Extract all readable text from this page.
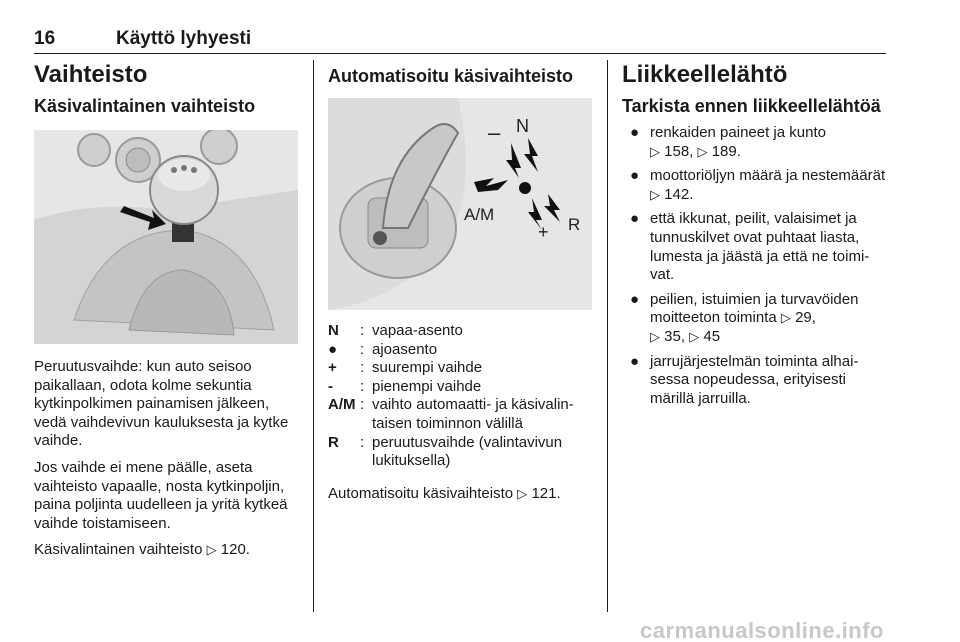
16	Käyttö lyhyesti
Vaihteisto
Käsivalintainen vaihteisto

Peruutusvaihde: kun auto seisoo paikallaan, odota kolme sekuntia kytkinpolkimen painamisen jälkeen, vedä vaihdevivun kauluksesta ja kytke vaihde.

Jos vaihde ei mene päälle, aseta vaihteisto vapaalle, nosta kytkinpoljin, paina poljinta uudelleen ja yritä kytkeä vaihde toistamiseen.

Käsivalintainen vaihteisto ▷ 120.

Automatisoitu käsivaihteisto
– N
A/M
+ R
N	: vapaa-asento
●	: ajoasento
+	: suurempi vaihde
-	: pienempi vaihde
A/M : vaihto automaatti- ja käsivalintaisen toiminnon välillä
R	: peruutusvaihde (valintavivun lukituksella)

Automatisoitu käsivaihteisto ▷ 121.

Liikkeellelähtö
Tarkista ennen liikkeellelähtöä
● renkaiden paineet ja kunto
▷ 158, ▷ 189.
● moottoriöljyn määrä ja nestemäärät ▷ 142.
● että ikkunat, peilit, valaisimet ja tunnuskilvet ovat puhtaat liasta, lumesta ja jäästä ja että ne toimivat.
● peilien, istuimien ja turvavöiden moitteeton toiminta ▷ 29,
▷ 35, ▷ 45
● jarrujärjestelmän toiminta alhaisessa nopeudessa, erityisesti märillä jarruilla.
carmanualsonline.info
